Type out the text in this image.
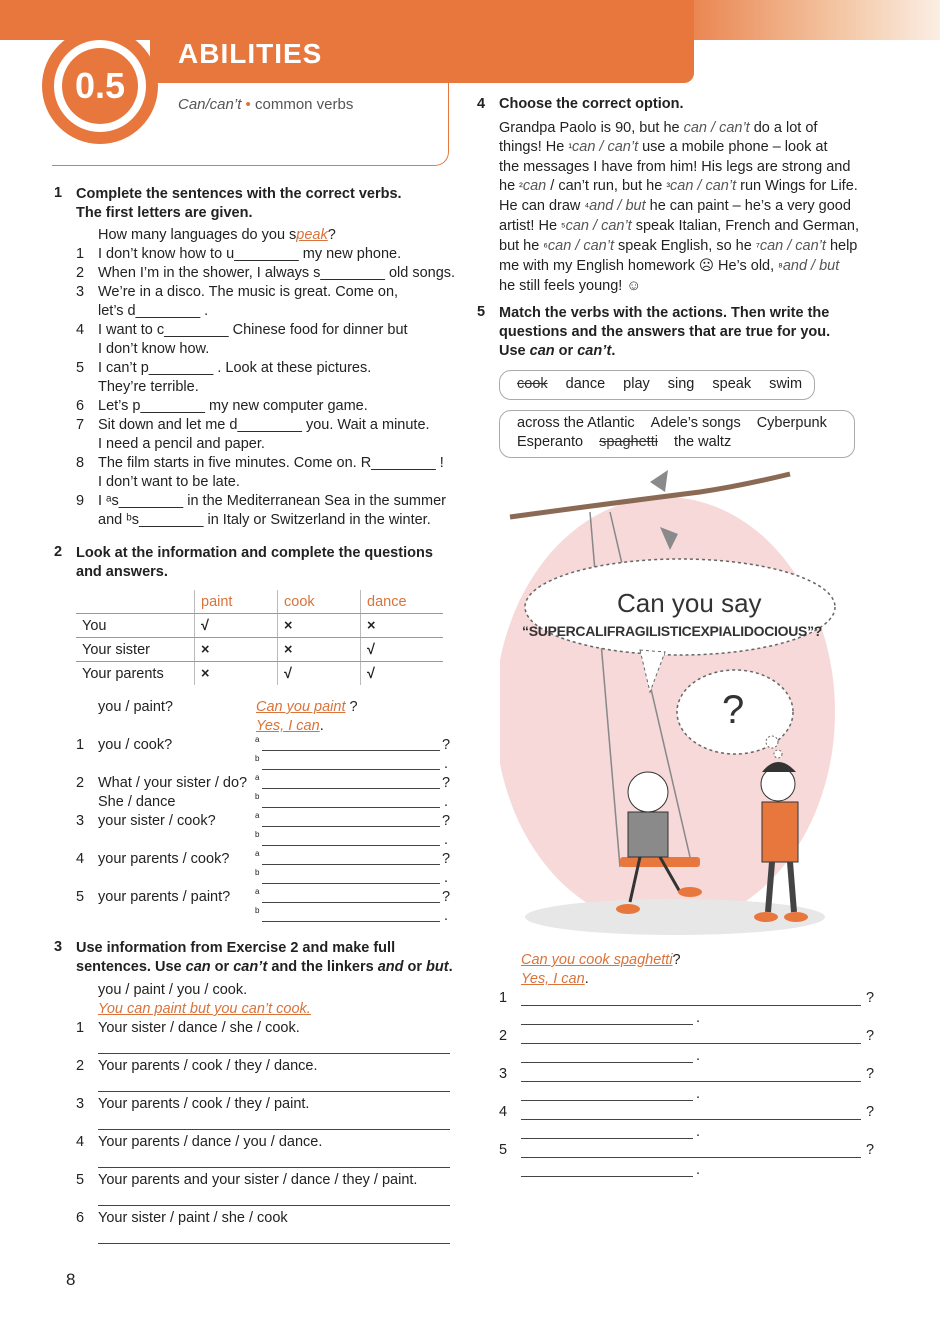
ABILITIES
0.5	Can/can’t • common verbs
1 Complete the sentences with the correct verbs.
The first letters are given.
How many languages do you speak?
1 I don’t know how to u________ my new phone.
2 When I’m in the shower, I always s________ old songs.
3 We’re in a disco. The music is great. Come on,
let’s d________ .
4 I want to c________ Chinese food for dinner but
I don’t know how.
5 I can’t p________ . Look at these pictures.
They’re terrible.
6 Let’s p________ my new computer game.
7 Sit down and let me d________ you. Wait a minute.
I need a pencil and paper.
8 The film starts in five minutes. Come on. R________ !
I don’t want to be late.
9 I ᵃs________ in the Mediterranean Sea in the summer
and ᵇs________ in Italy or Switzerland in the winter.
2 Look at the information and complete the questions
and answers.
	paint	cook	dance
You	√	×	×
Your sister	×	×	√
Your parents	×	√	√
you / paint?	Can you paint ?
Yes, I can.
1 you / cook?	a	?
b	.
2 What / your sister / do?
She / dance
a	?
b	.
3 your sister / cook?	a	?
b	.
4 your parents / cook?	a	?
b	.
5 your parents / paint?	a	?
b	.
3 Use information from Exercise 2 and make full
sentences. Use can or can’t and the linkers and or but.
you / paint / you / cook.
You can paint but you can’t cook.
1 Your sister / dance / she / cook.
2 Your parents / cook / they / dance.
3 Your parents / cook / they / paint.
4 Your parents / dance / you / dance.
5 Your parents and your sister / dance / they / paint.
6 Your sister / paint / she / cook
4 Choose the correct option.
Grandpa Paolo is 90, but he can / can’t do a lot of
things! He ¹can / can’t use a mobile phone – look at
the messages I have from him! His legs are strong and
he ²can / can’t run, but he ³can / can’t run Wings for Life.
He can draw ⁴and / but he can paint – he’s a very good
artist! He ⁵can / can’t speak Italian, French and German,
but he ⁶can / can’t speak English, so he ⁷can / can’t help
me with my English homework ☹ He’s old, ⁸and / but
he still feels young! ☺
5 Match the verbs with the actions. Then write the
questions and the answers that are true for you.
Use can or can’t.
cook dance play sing speak swim
across the Atlantic Adele’s songs Cyberpunk
Esperanto spaghetti the waltz
Can you say
“SUPERCALIFRAGILISTICEXPIALIDOCIOUS”?
?
Can you cook spaghetti?
Yes, I can.
1	?
.
2	?
.
3	?
.
4	?
.
5	?
.
8
